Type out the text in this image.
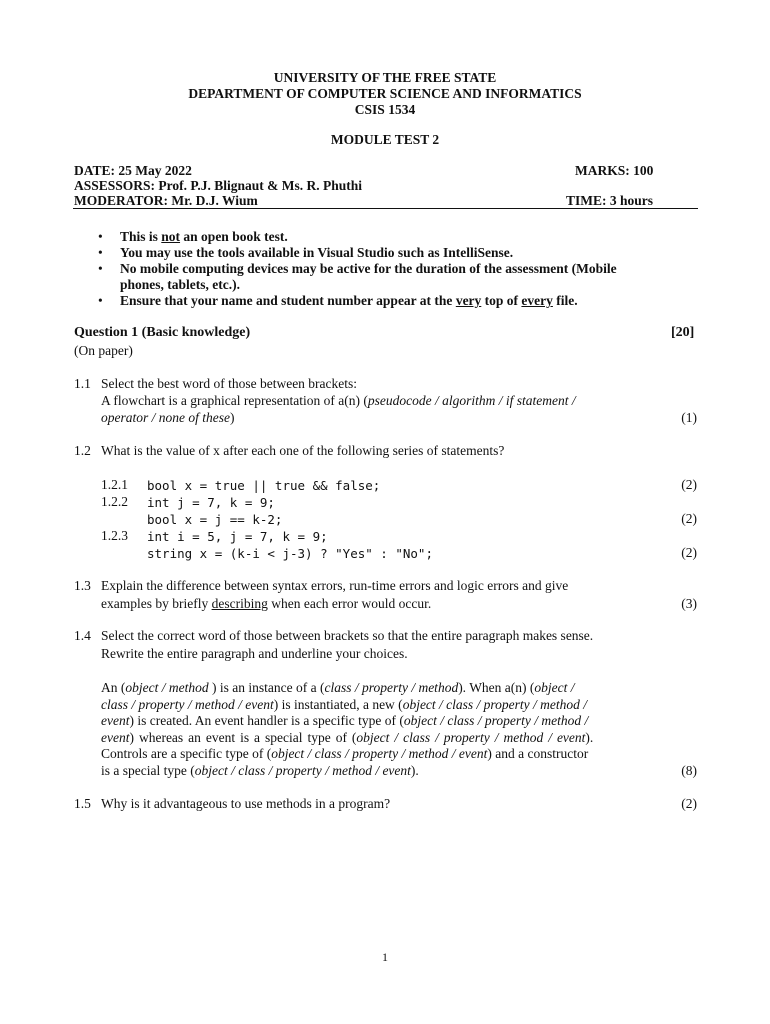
UNIVERSITY OF THE FREE STATE
DEPARTMENT OF COMPUTER SCIENCE AND INFORMATICS
CSIS 1534
MODULE TEST 2
DATE: 25 May 2022	MARKS: 100
ASSESSORS: Prof. P.J. Blignaut & Ms. R. Phuthi
MODERATOR: Mr. D.J. Wium	TIME: 3 hours
• This is not an open book test.
• You may use the tools available in Visual Studio such as IntelliSense.
• No mobile computing devices may be active for the duration of the assessment (Mobile phones, tablets, etc.).
• Ensure that your name and student number appear at the very top of every file.
Question 1 (Basic knowledge)	[20]
(On paper)
1.1 Select the best word of those between brackets:
A flowchart is a graphical representation of a(n) (pseudocode / algorithm / if statement /
operator / none of these)	(1)
1.2 What is the value of x after each one of the following series of statements?
1.2.1 bool x = true || true && false;	(2)
1.2.2 int j = 7, k = 9;
bool x = j == k-2;	(2)
1.2.3 int i = 5, j = 7, k = 9;
string x = (k-i < j-3) ? "Yes" : "No";	(2)
1.3 Explain the difference between syntax errors, run-time errors and logic errors and give
examples by briefly describing when each error would occur.	(3)
1.4 Select the correct word of those between brackets so that the entire paragraph makes sense.
Rewrite the entire paragraph and underline your choices.
An (object / method ) is an instance of a (class / property / method). When a(n) (object /
class / property / method / event) is instantiated, a new (object / class / property / method /
event) is created. An event handler is a specific type of (object / class / property / method /
event) whereas an event is a special type of (object / class / property / method / event).
Controls are a specific type of (object / class / property / method / event) and a constructor
is a special type (object / class / property / method / event).	(8)
1.5 Why is it advantageous to use methods in a program?	(2)
1
